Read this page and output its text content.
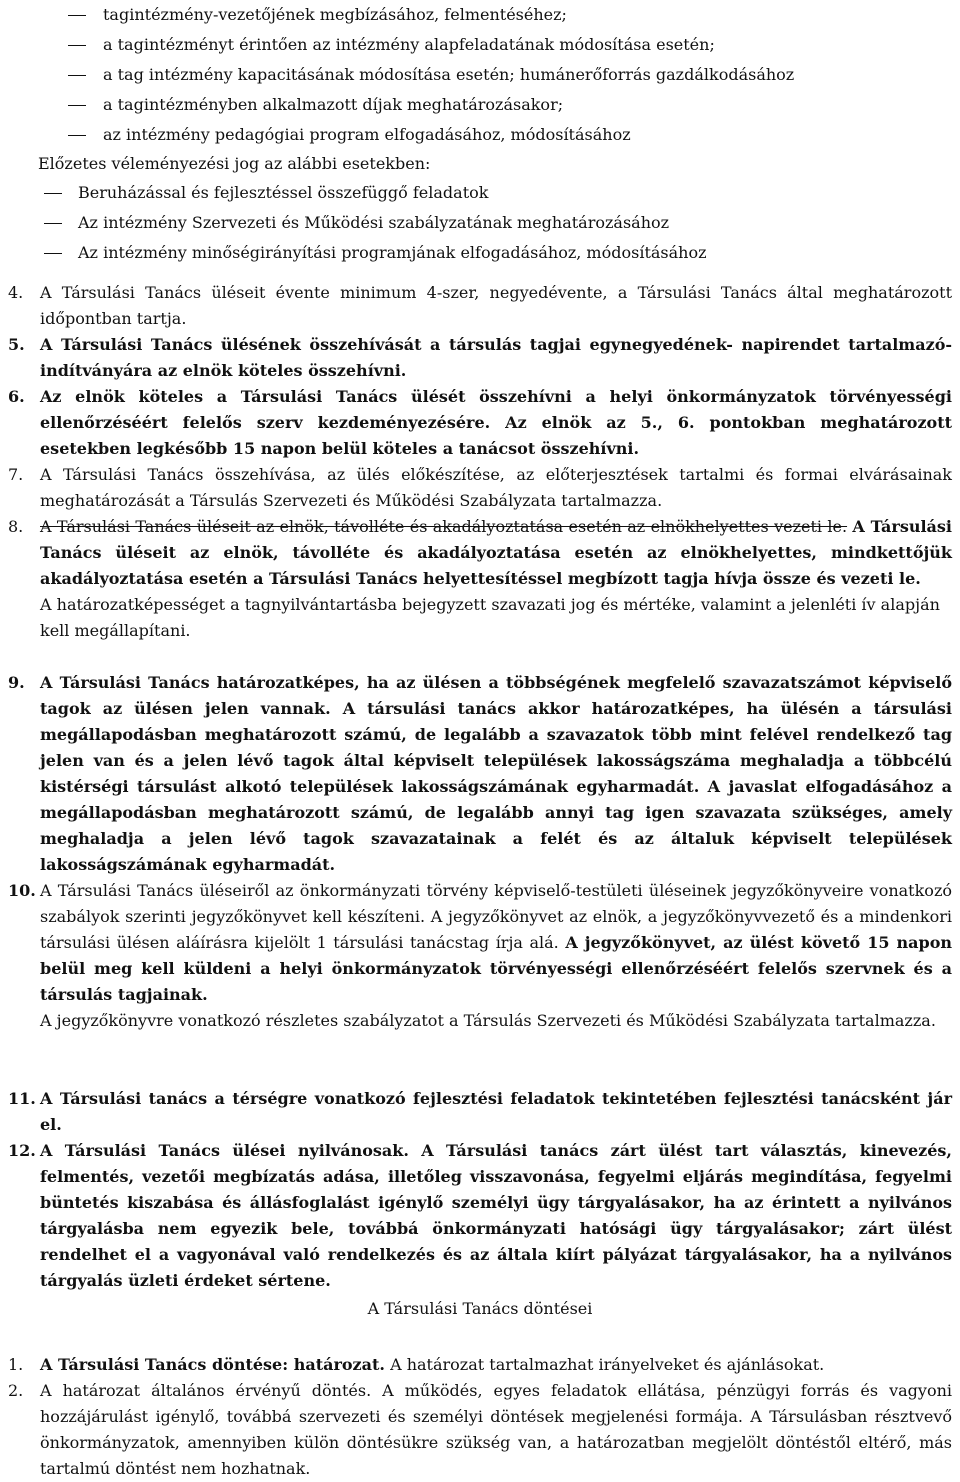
tagintézmény-vezetőjének megbízásához, felmentéséhez;
a tagintézményt érintően az intézmény alapfeladatának módosítása esetén;
a tag intézmény kapacitásának módosítása esetén; humánerőforrás gazdálkodásához
a tagintézményben alkalmazott díjak meghatározásakor;
az intézmény pedagógiai program elfogadásához, módosításához
Előzetes véleményezési jog az alábbi esetekben:
Beruházással és fejlesztéssel összefüggő feladatok
Az intézmény Szervezeti és Működési szabályzatának meghatározásához
Az intézmény minőségirányítási programjának elfogadásához, módosításához
4.	A Társulási Tanács üléseit évente minimum 4-szer, negyedévente, a Társulási Tanács által meghatározott időpontban tartja.
5. A Társulási Tanács ülésének összehívását a társulás tagjai egynegyedének- napirendet tartalmazó-indítványára az elnök köteles összehívni.
6. Az elnök köteles a Társulási Tanács ülését összehívni a helyi önkormányzatok törvényességi ellenőrzéséért felelős szerv kezdeményezésére. Az elnök az 5., 6. pontokban meghatározott esetekben legkésőbb 15 napon belül köteles a tanácsot összehívni.
7.	A Társulási Tanács összehívása, az ülés előkészítése, az előterjesztések tartalmi és formai elvárásainak meghatározását a Társulás Szervezeti és Működési Szabályzata tartalmazza.
8.	A Társulási Tanács üléseit az elnök, távolléte és akadályoztatása esetén az elnökhelyettes vezeti le. A Társulási Tanács üléseit az elnök, távolléte és akadályoztatása esetén az elnökhelyettes, mindkettőjük akadályoztatása esetén a Társulási Tanács helyettesítéssel megbízott tagja hívja össze és vezeti le.

A határozatképességet a tagnyilvántartásba bejegyzett szavazati jog és mértéke, valamint a jelenléti ív alapján kell megállapítani.

9. A Társulási Tanács határozatképes, ha az ülésen a többségének megfelelő szavazatszámot képviselő tagok az ülésen jelen vannak. A társulási tanács akkor határozatképes, ha ülésén a társulási megállapodásban meghatározott számú, de legalább a szavazatok több mint felével rendelkező tag jelen van és a jelen lévő tagok által képviselt települések lakosságszáma meghaladja a többcélú kistérségi társulást alkotó települések lakosságszámának egyharmadát. A javaslat elfogadásához a megállapodásban meghatározott számú, de legalább annyi tag igen szavazata szükséges, amely meghaladja a jelen lévő tagok szavazatainak a felét és az általuk képviselt települések lakosságszámának egyharmadát.
10. A Társulási Tanács üléseiről az önkormányzati törvény képviselő-testületi üléseinek jegyzőkönyveire vonatkozó szabályok szerinti jegyzőkönyvet kell készíteni. A jegyzőkönyvet az elnök, a jegyzőkönyvvezető és a mindenkori társulási ülésen aláírásra kijelölt 1 társulási tanácstag írja alá. A jegyzőkönyvet, az ülést követő 15 napon belül meg kell küldeni a helyi önkormányzatok törvényességi ellenőrzéséért felelős szervnek és a társulás tagjainak.

A jegyzőkönyvre vonatkozó részletes szabályzatot a Társulás Szervezeti és Működési Szabályzata tartalmazza.

11. A Társulási tanács a térségre vonatkozó fejlesztési feladatok tekintetében fejlesztési tanácsként jár el.
12. A Társulási Tanács ülései nyilvánosak. A Társulási tanács zárt ülést tart választás, kinevezés, felmentés, vezetői megbízatás adása, illetőleg visszavonása, fegyelmi eljárás megindítása, fegyelmi büntetés kiszabása és állásfoglalást igénylő személyi ügy tárgyalásakor, ha az érintett a nyilvános tárgyalásba nem egyezik bele, továbbá önkormányzati hatósági ügy tárgyalásakor; zárt ülést rendelhet el a vagyonával való rendelkezés és az általa kiírt pályázat tárgyalásakor, ha a nyilvános tárgyalás üzleti érdeket sértene.
A Társulási Tanács döntései
1.	A Társulási Tanács döntése: határozat. A határozat tartalmazhat irányelveket és ajánlásokat.
2.	A határozat általános érvényű döntés. A működés, egyes feladatok ellátása, pénzügyi forrás és vagyoni hozzájárulást igénylő, továbbá szervezeti és személyi döntések megjelenési formája. A Társulásban résztvevő önkormányzatok, amennyiben külön döntésükre szükség van, a határozatban megjelölt döntéstől eltérő, más tartalmú döntést nem hozhatnak.
